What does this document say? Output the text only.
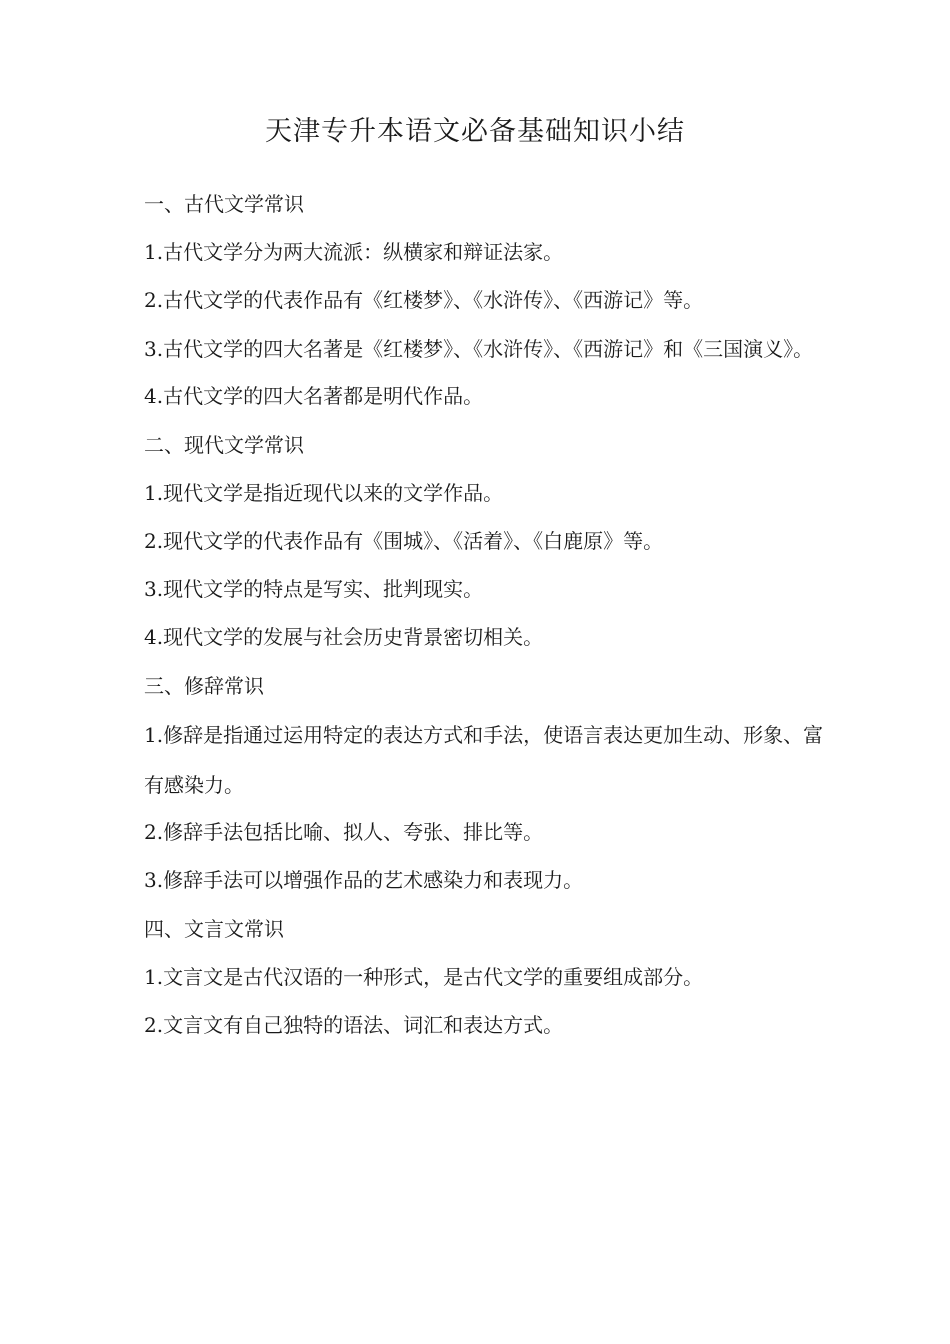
天津专升本语文必备基础知识小结
一、古代文学常识

1.古代文学分为两大流派：纵横家和辩证法家。

2.古代文学的代表作品有《红楼梦》、《水浒传》、《西游记》等。

3.古代文学的四大名著是《红楼梦》、《水浒传》、《西游记》和《三国演义》。

4.古代文学的四大名著都是明代作品。

二、现代文学常识

1.现代文学是指近现代以来的文学作品。

2.现代文学的代表作品有《围城》、《活着》、《白鹿原》等。

3.现代文学的特点是写实、批判现实。

4.现代文学的发展与社会历史背景密切相关。

三、修辞常识

1.修辞是指通过运用特定的表达方式和手法，使语言表达更加生动、形象、富有感染力。

2.修辞手法包括比喻、拟人、夸张、排比等。

3.修辞手法可以增强作品的艺术感染力和表现力。

四、文言文常识

1.文言文是古代汉语的一种形式，是古代文学的重要组成部分。

2.文言文有自己独特的语法、词汇和表达方式。
